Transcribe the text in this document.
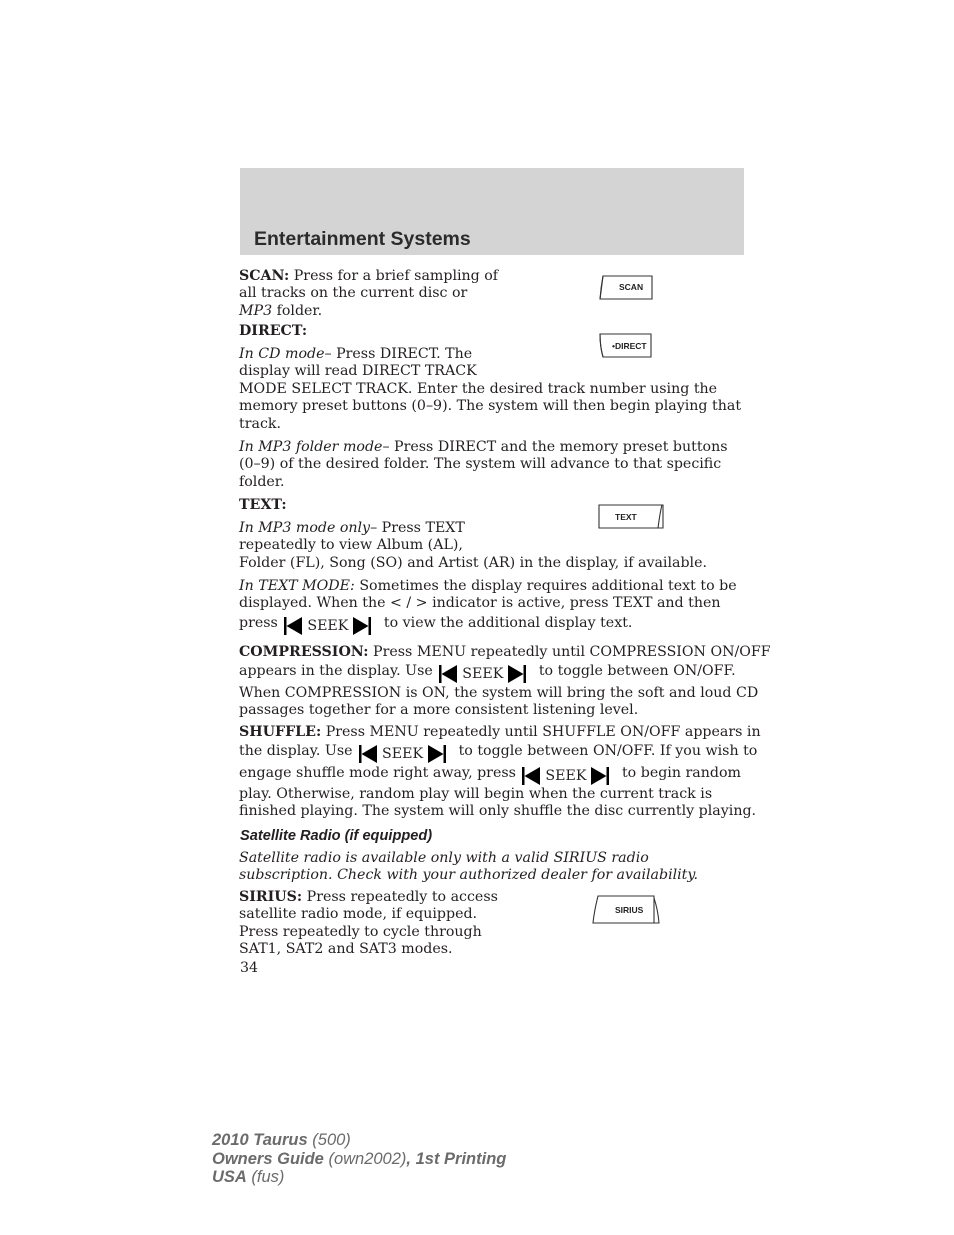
Entertainment Systems

SCAN: Press for a brief sampling of
all tracks on the current disc or
MP3 folder.

SCAN

DIRECT:

In CD mode– Press DIRECT. The
display will read DIRECT TRACK
MODE SELECT TRACK. Enter the desired track number using the
memory preset buttons (0–9). The system will then begin playing that
track.

•DIRECT

In MP3 folder mode– Press DIRECT and the memory preset buttons
(0–9) of the desired folder. The system will advance to that specific
folder.

TEXT:

In MP3 mode only– Press TEXT
repeatedly to view Album (AL),
Folder (FL), Song (SO) and Artist (AR) in the display, if available.

TEXT

In TEXT MODE: Sometimes the display requires additional text to be
displayed. When the < / > indicator is active, press TEXT and then

press SEEK	to view the additional display text.

COMPRESSION: Press MENU repeatedly until COMPRESSION ON/OFF

appears in the display. Use SEEK	to toggle between ON/OFF.

When COMPRESSION is ON, the system will bring the soft and loud CD
passages together for a more consistent listening level.

SHUFFLE: Press MENU repeatedly until SHUFFLE ON/OFF appears in

the display. Use SEEK	to toggle between ON/OFF. If you wish to

engage shuffle mode right away, press SEEK	to begin random

play. Otherwise, random play will begin when the current track is
finished playing. The system will only shuffle the disc currently playing.

Satellite Radio (if equipped)

Satellite radio is available only with a valid SIRIUS radio
subscription. Check with your authorized dealer for availability.

SIRIUS: Press repeatedly to access
satellite radio mode, if equipped.
Press repeatedly to cycle through
SAT1, SAT2 and SAT3 modes.

SIRIUS
34
2010 Taurus (500)
Owners Guide (own2002), 1st Printing
USA (fus)
